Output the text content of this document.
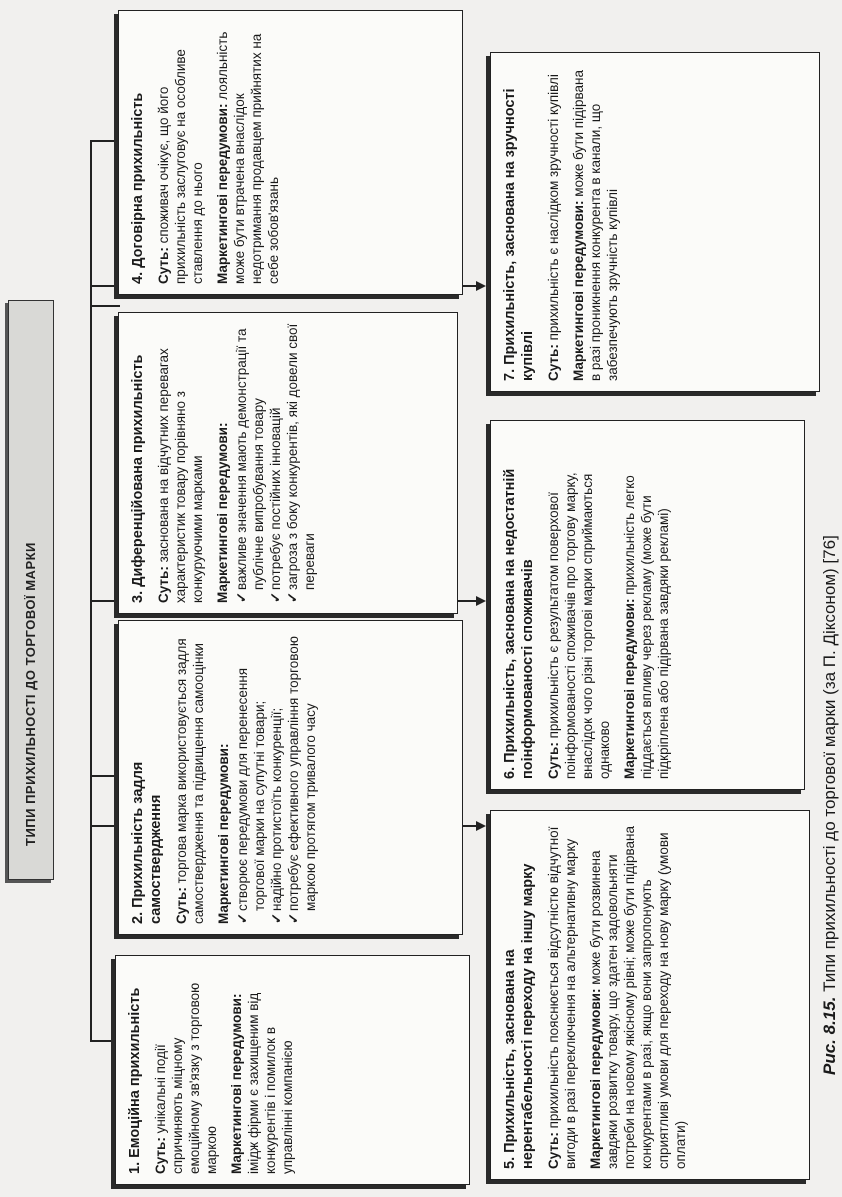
ТИПИ ПРИХИЛЬНОСТІ ДО ТОРГОВОЇ МАРКИ
1. Емоційна прихильність Суть: унікальні події спричиняють міцному емоційному зв'язку з торговою маркою Маркетингові передумови: імідж фірми є захищеним від конкурентів і помилок в управлінні компанією

2. Прихильність задля самоствердження Суть: торгова марка використовується задля самоствердження та підвищення самооцінки Маркетингові передумови: ✓ створює передумови для перенесення торгової марки на супутні товари; ✓ надійно протистоїть конкуренції; ✓ потребує ефективного управління торговою маркою протягом тривалого часу
3. Диференційована прихильність Суть: заснована на відчутних перевагах характеристик товару порівняно з конкуруючими марками Маркетингові передумови: ✓ важливе значення мають демонстрації та публічне випробування товару ✓ потребує постійних інновацій ✓ загроза з боку конкурентів, які довели свої переваги
4. Договірна прихильність Суть: споживач очікує, що його прихильність заслуговує на особливе ставлення до нього Маркетингові передумови: лояльність може бути втрачена внаслідок недотримання продавцем прийнятих на себе зобов'язань

5. Прихильність, заснована на нерентабельності переходу на іншу марку Суть: прихильність пояснюється відсутністю відчутної вигоди в разі переключення на альтернативну марку Маркетингові передумови: може бути розвинена завдяки розвитку товару, що здатен задовольняти потреби на новому якісному рівні; може бути підірвана конкурентами в разі, якщо вони запропонують сприятливі умови для переходу на нову марку (умови оплати)

6. Прихильність, заснована на недостатній поінформованості споживачів Суть: прихильність є результатом поверхової поінформованості споживачів про торгову марку, внаслідок чого різні торгові марки сприймаються однаково Маркетингові передумови: прихильність легко піддається впливу через рекламу (може бути підкріплена або підірвана завдяки рекламі)

7. Прихильність, заснована на зручності купівлі Суть: прихильність є наслідком зручності купівлі Маркетингові передумови: може бути підірвана в разі проникнення конкурента в канали, що забезпечують зручність купівлі

Рис. 8.15. Типи прихильності до торгової марки (за П. Діксоном) [76]
